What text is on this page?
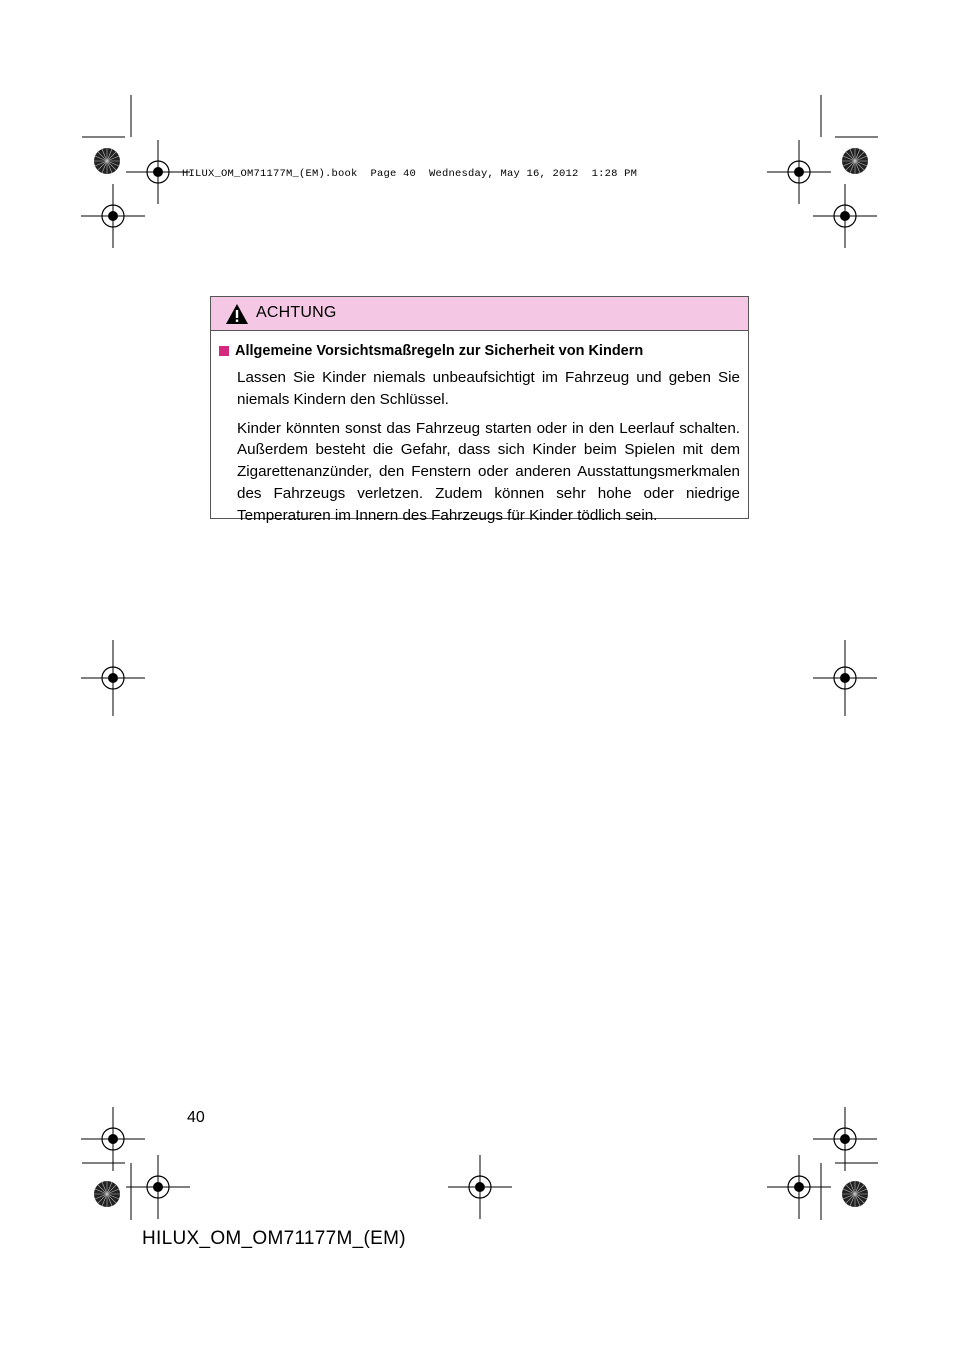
HILUX_OM_OM71177M_(EM).book  Page 40  Wednesday, May 16, 2012  1:28 PM
ACHTUNG
Allgemeine Vorsichtsmaßregeln zur Sicherheit von Kindern

Lassen Sie Kinder niemals unbeaufsichtigt im Fahrzeug und geben Sie niemals Kindern den Schlüssel.

Kinder könnten sonst das Fahrzeug starten oder in den Leerlauf schalten. Außerdem besteht die Gefahr, dass sich Kinder beim Spielen mit dem Zigarettenanzünder, den Fenstern oder anderen Ausstattungsmerkmalen des Fahrzeugs verletzen. Zudem können sehr hohe oder niedrige Temperaturen im Innern des Fahrzeugs für Kinder tödlich sein.

40
HILUX_OM_OM71177M_(EM)
